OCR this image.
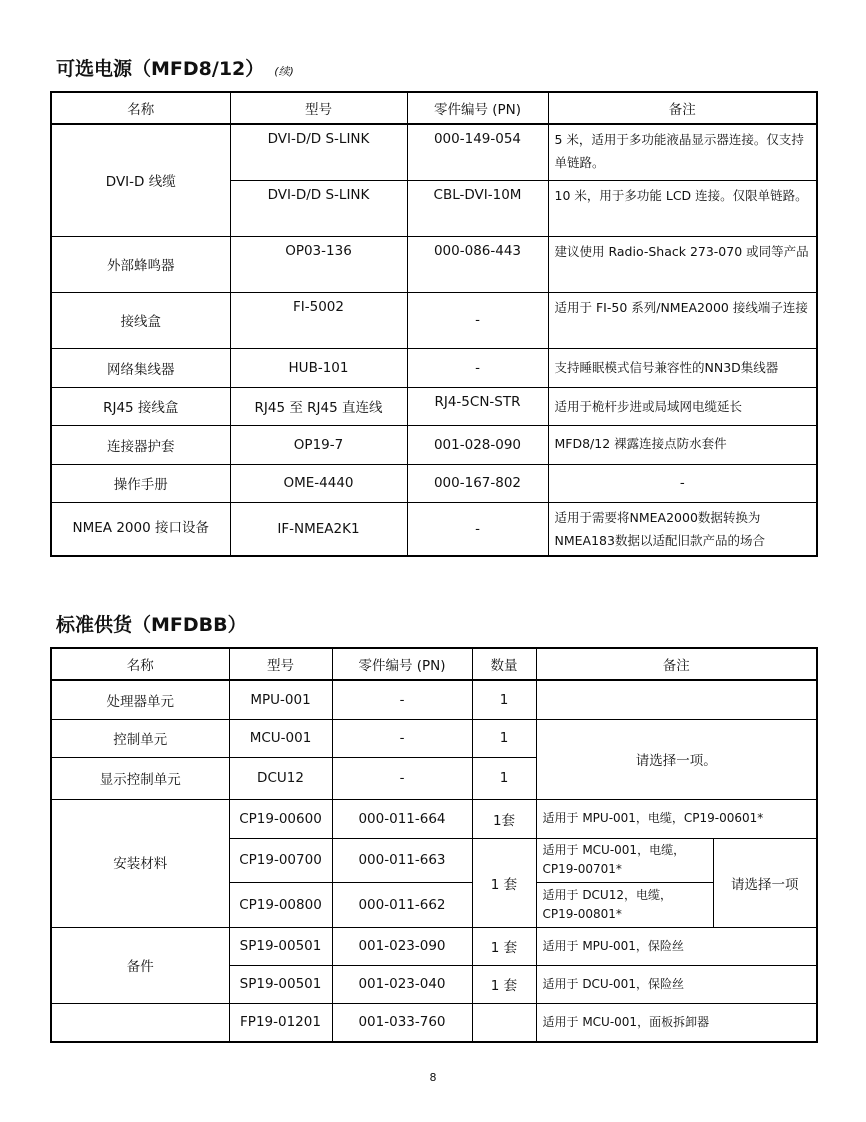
可选电源（MFD8/12） (续)
名称	型号	零件编号 (PN)	备注
DVI-D 线缆	DVI-D/D S-LINK	000-149-054	5 米，适用于多功能液晶显示器连接。仅支持单链路。
	DVI-D/D S-LINK	CBL-DVI-10M	10 米，用于多功能 LCD 连接。仅限单链路。
外部蜂鸣器	OP03-136	000-086-443	建议使用 Radio-Shack 273-070 或同等产品
接线盒	FI-5002	-	适用于 FI-50 系列/NMEA2000 接线端子连接
网络集线器	HUB-101	-	支持睡眠模式信号兼容性的NN3D集线器
RJ45 接线盒	RJ45 至 RJ45 直连线	RJ4-5CN-STR	适用于桅杆步进或局域网电缆延长
连接器护套	OP19-7	001-028-090	MFD8/12 裸露连接点防水套件
操作手册	OME-4440	000-167-802	-
NMEA 2000 接口设备	IF-NMEA2K1	-	适用于需要将NMEA2000数据转换为NMEA183数据以适配旧款产品的场合
标准供货（MFDBB）
名称	型号	零件编号 (PN)	数量	备注	
处理器单元	MPU-001	-	1		
控制单元	MCU-001	-	1	请选择一项。	
显示控制单元	DCU12	-	1		
安装材料	CP19-00600	000-011-664	1套	适用于 MPU-001，电缆，CP19-00601*	
	CP19-00700	000-011-663	1 套	适用于 MCU-001，电缆，CP19-00701*	请选择一项
	CP19-00800	000-011-662		适用于 DCU12，电缆，CP19-00801*	
备件	SP19-00501	001-023-090	1 套	适用于 MPU-001，保险丝	
	SP19-00501	001-023-040	1 套	适用于 DCU-001，保险丝	
	FP19-01201	001-033-760		适用于 MCU-001，面板拆卸器	
8
